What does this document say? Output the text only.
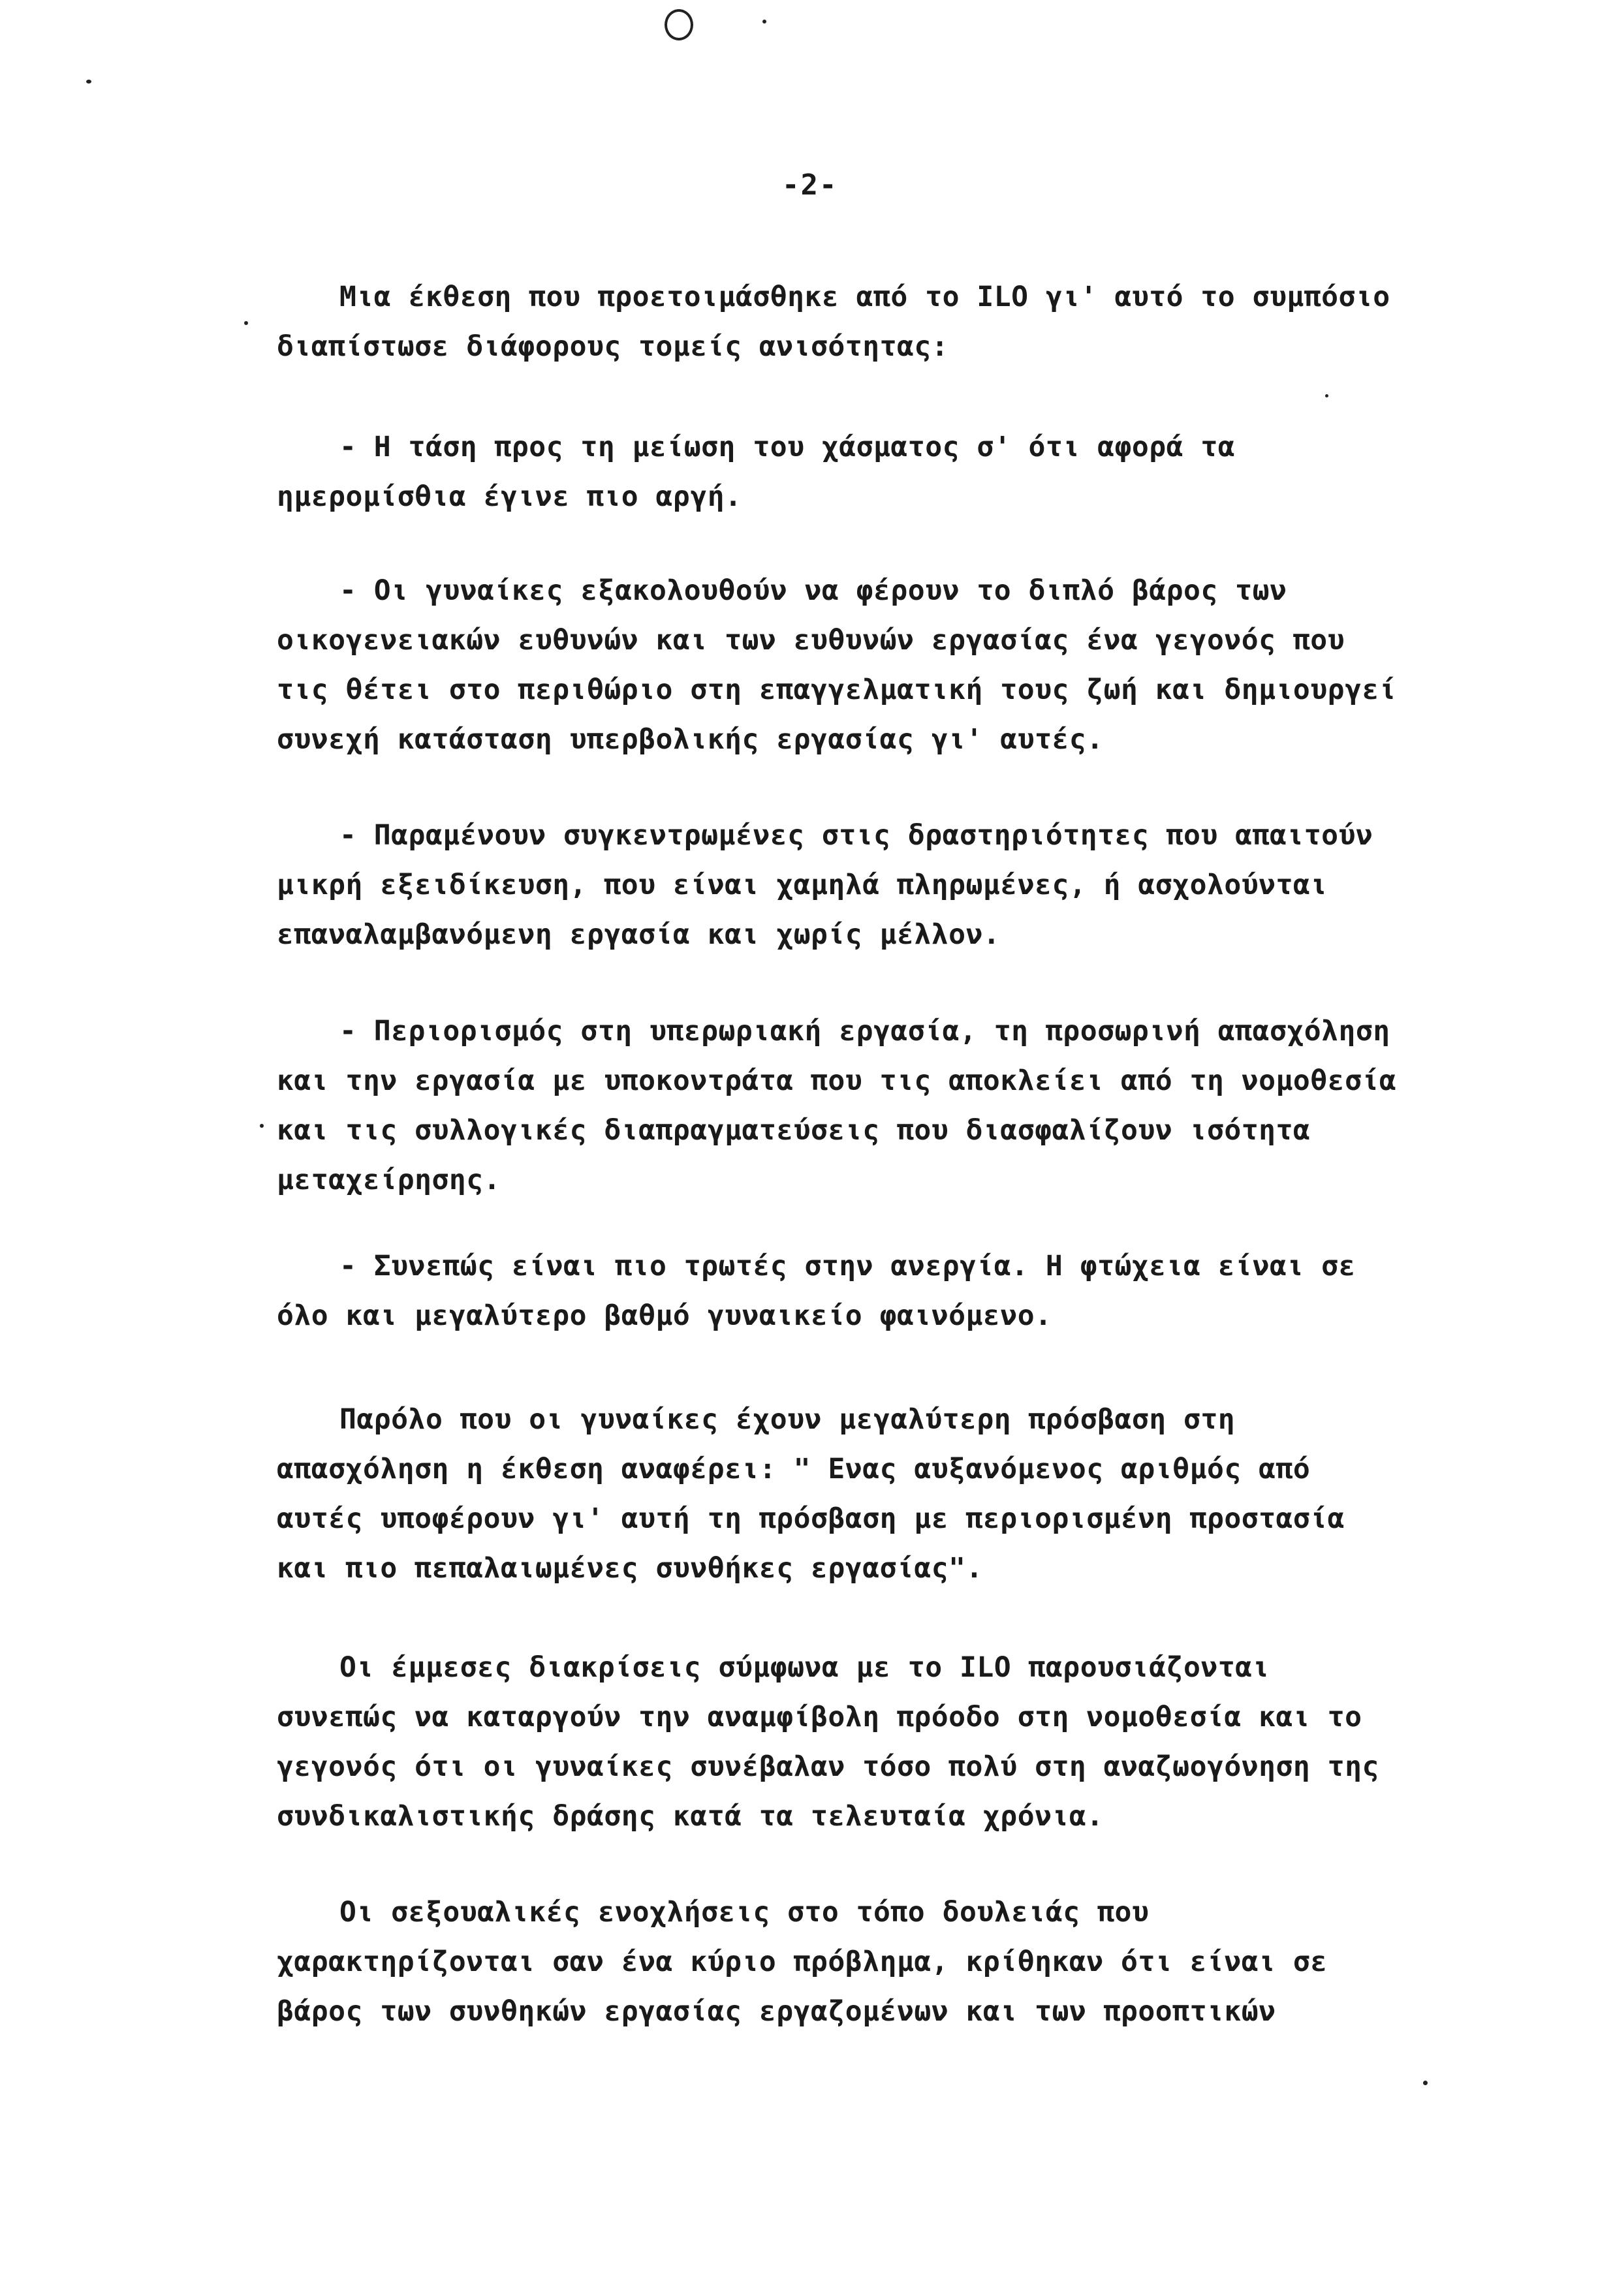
-2-
Μια έκθεση που προετοιμάσθηκε από το ILO γι' αυτό το συμπόσιο
διαπίστωσε διάφορους τομείς ανισότητας:
- Η τάση προς τη μείωση του χάσματος σ' ότι αφορά τα
ημερομίσθια έγινε πιο αργή.
- Οι γυναίκες εξακολουθούν να φέρουν το διπλό βάρος των
οικογενειακών ευθυνών και των ευθυνών εργασίας ένα γεγονός που
τις θέτει στο περιθώριο στη επαγγελματική τους ζωή και δημιουργεί
συνεχή κατάσταση υπερβολικής εργασίας γι' αυτές.
- Παραμένουν συγκεντρωμένες στις δραστηριότητες που απαιτούν
μικρή εξειδίκευση, που είναι χαμηλά πληρωμένες, ή ασχολούνται
επαναλαμβανόμενη εργασία και χωρίς μέλλον.
- Περιορισμός στη υπερωριακή εργασία, τη προσωρινή απασχόληση
και την εργασία με υποκοντράτα που τις αποκλείει από τη νομοθεσία
και τις συλλογικές διαπραγματεύσεις που διασφαλίζουν ισότητα
μεταχείρησης.
- Συνεπώς είναι πιο τρωτές στην ανεργία. Η φτώχεια είναι σε
όλο και μεγαλύτερο βαθμό γυναικείο φαινόμενο.
Παρόλο που οι γυναίκες έχουν μεγαλύτερη πρόσβαση στη
απασχόληση η έκθεση αναφέρει: " Ενας αυξανόμενος αριθμός από
αυτές υποφέρουν γι' αυτή τη πρόσβαση με περιορισμένη προστασία
και πιο πεπαλαιωμένες συνθήκες εργασίας".
Οι έμμεσες διακρίσεις σύμφωνα με το ILO παρουσιάζονται
συνεπώς να καταργούν την αναμφίβολη πρόοδο στη νομοθεσία και το
γεγονός ότι οι γυναίκες συνέβαλαν τόσο πολύ στη αναζωογόνηση της
συνδικαλιστικής δράσης κατά τα τελευταία χρόνια.
Οι σεξουαλικές ενοχλήσεις στο τόπο δουλειάς που
χαρακτηρίζονται σαν ένα κύριο πρόβλημα, κρίθηκαν ότι είναι σε
βάρος των συνθηκών εργασίας εργαζομένων και των προοπτικών
